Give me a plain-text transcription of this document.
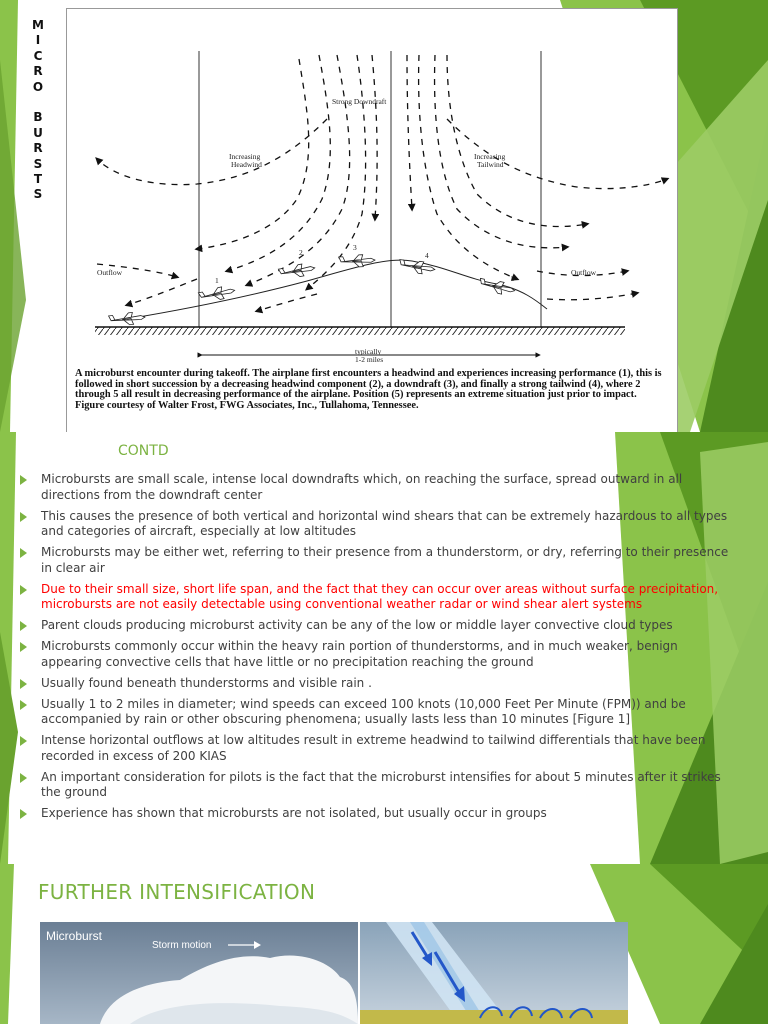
M
I
C
R
O
B
U
R
S
T
S
Strong Downdraft
Increasing
Headwind
Increasing
Tailwind
Outflow	Outflow
typically
1-2 miles
1
2
3
4
5
A microburst encounter during takeoff. The airplane first encounters a headwind and experiences increasing performance (1), this is followed in short succession by a decreasing headwind component (2), a downdraft (3), and finally a strong tailwind (4), where 2 through 5 all result in decreasing performance of the airplane. Position (5) represents an extreme situation just prior to impact. Figure courtesy of Walter Frost, FWG Associates, Inc., Tullahoma, Tennessee.
CONTD
Microbursts are small scale, intense local downdrafts which, on reaching the surface, spread outward in all directions from the downdraft center
This causes the presence of both vertical and horizontal wind shears that can be extremely hazardous to all types and categories of aircraft, especially at low altitudes
Microbursts may be either wet, referring to their presence from a thunderstorm, or dry, referring to their presence in clear air
Due to their small size, short life span, and the fact that they can occur over areas without surface precipitation, microbursts are not easily detectable using conventional weather radar or wind shear alert systems
Parent clouds producing microburst activity can be any of the low or middle layer convective cloud types
Microbursts commonly occur within the heavy rain portion of thunderstorms, and in much weaker, benign appearing convective cells that have little or no precipitation reaching the ground
Usually found beneath thunderstorms and visible rain .
Usually 1 to 2 miles in diameter; wind speeds can exceed 100 knots (10,000 Feet Per Minute (FPM)) and be accompanied by rain or other obscuring phenomena; usually lasts less than 10 minutes [Figure 1]
Intense horizontal outflows at low altitudes result in extreme headwind to tailwind differentials that have been recorded in excess of 200 KIAS
An important consideration for pilots is the fact that the microburst intensifies for about 5 minutes after it strikes the ground
Experience has shown that microbursts are not isolated, but usually occur in groups
FURTHER INTENSIFICATION
Microburst
Storm motion
